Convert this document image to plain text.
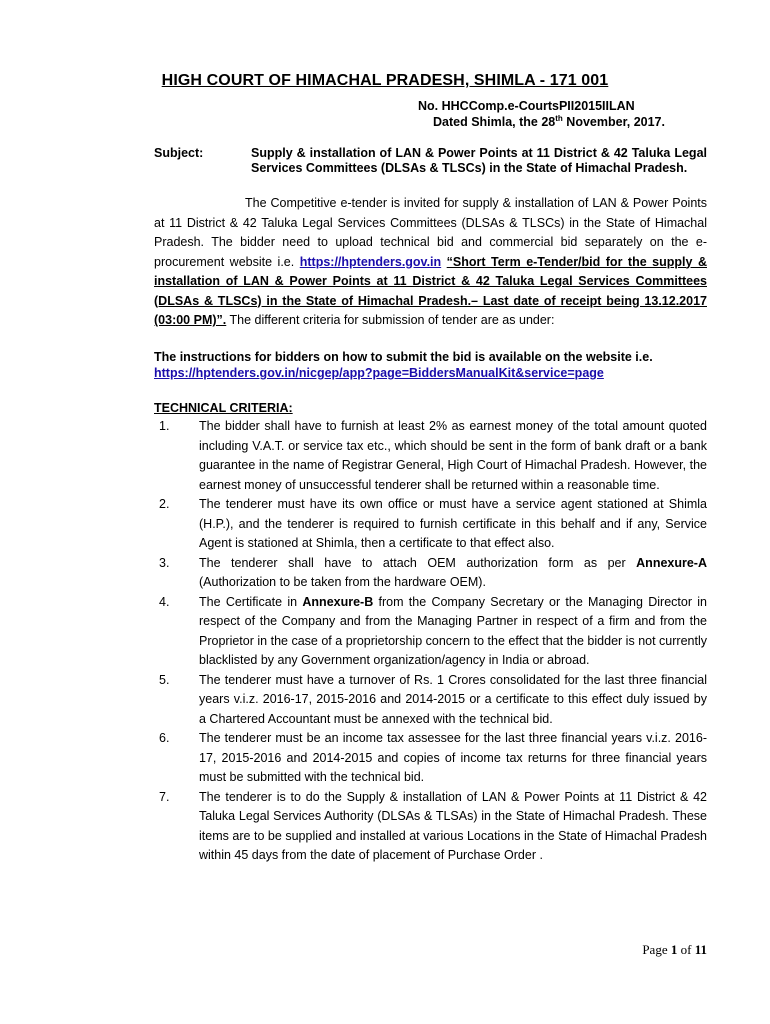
HIGH COURT OF HIMACHAL PRADESH, SHIMLA - 171 001
No. HHCComp.e-CourtsPII2015IILAN
Dated Shimla, the 28th November, 2017.
Subject:	Supply & installation of LAN & Power Points at 11 District & 42 Taluka Legal Services Committees (DLSAs & TLSCs) in the State of Himachal Pradesh.
The Competitive e-tender is invited for supply & installation of LAN & Power Points at 11 District & 42 Taluka Legal Services Committees (DLSAs & TLSCs) in the State of Himachal Pradesh. The bidder need to upload technical bid and commercial bid separately on the e-procurement website i.e. https://hptenders.gov.in “Short Term e-Tender/bid for the supply & installation of LAN & Power Points at 11 District & 42 Taluka Legal Services Committees (DLSAs & TLSCs) in the State of Himachal Pradesh.– Last date of receipt being 13.12.2017 (03:00 PM)”. The different criteria for submission of tender are as under:
The instructions for bidders on how to submit the bid is available on the website i.e.
https://hptenders.gov.in/nicgep/app?page=BiddersManualKit&service=page
TECHNICAL CRITERIA:
1. The bidder shall have to furnish at least 2% as earnest money of the total amount quoted including V.A.T. or service tax etc., which should be sent in the form of bank draft or a bank guarantee in the name of Registrar General, High Court of Himachal Pradesh. However, the earnest money of unsuccessful tenderer shall be returned within a reasonable time.
2. The tenderer must have its own office or must have a service agent stationed at Shimla (H.P.), and the tenderer is required to furnish certificate in this behalf and if any, Service Agent is stationed at Shimla, then a certificate to that effect also.
3. The tenderer shall have to attach OEM authorization form as per Annexure-A (Authorization to be taken from the hardware OEM).
4. The Certificate in Annexure-B from the Company Secretary or the Managing Director in respect of the Company and from the Managing Partner in respect of a firm and from the Proprietor in the case of a proprietorship concern to the effect that the bidder is not currently blacklisted by any Government organization/agency in India or abroad.
5. The tenderer must have a turnover of Rs. 1 Crores consolidated for the last three financial years v.i.z. 2016-17, 2015-2016 and 2014-2015 or a certificate to this effect duly issued by a Chartered Accountant must be annexed with the technical bid.
6. The tenderer must be an income tax assessee for the last three financial years v.i.z. 2016-17, 2015-2016 and 2014-2015 and copies of income tax returns for three financial years must be submitted with the technical bid.
7. The tenderer is to do the Supply & installation of LAN & Power Points at 11 District & 42 Taluka Legal Services Authority (DLSAs & TLSAs) in the State of Himachal Pradesh. These items are to be supplied and installed at various Locations in the State of Himachal Pradesh within 45 days from the date of placement of Purchase Order .
Page 1 of 11
